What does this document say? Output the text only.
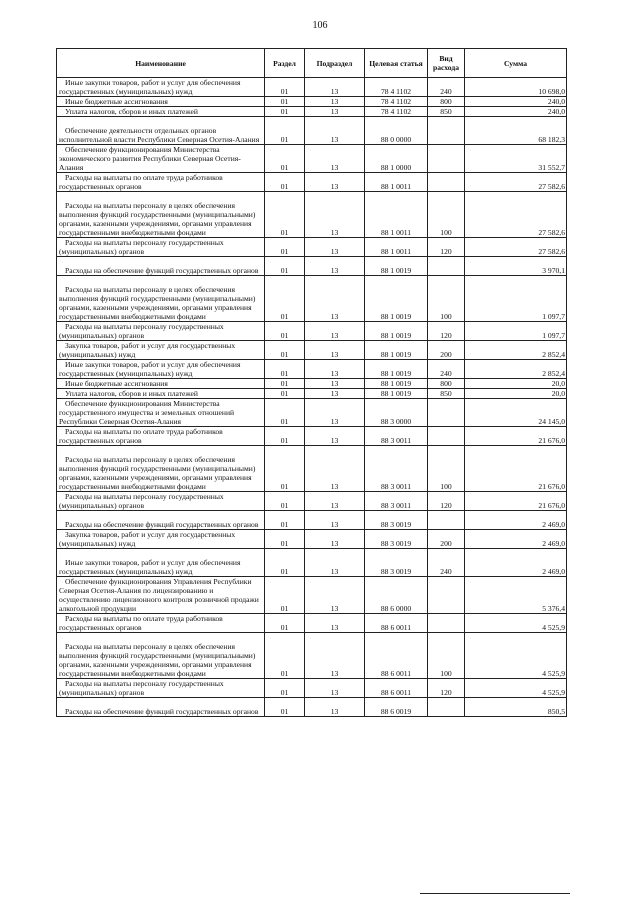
106
Наименование	Раздел	Подраздел	Целевая статья	Вид расхода	Сумма
Иные закупки товаров, работ и услуг для обеспечения государственных (муниципальных) нужд	01	13	78 4 1102	240	10 698,0
Иные бюджетные ассигнования	01	13	78 4 1102	800	240,0
Уплата налогов, сборов и иных платежей	01	13	78 4 1102	850	240,0
Обеспечение деятельности отдельных органов исполнительной власти Республики Северная Осетия-Алания	01	13	88 0 0000		68 182,3
Обеспечение функционирования Министерства экономического развития Республики Северная Осетия-Алания	01	13	88 1 0000		31 552,7
Расходы на выплаты по оплате труда работников государственных органов	01	13	88 1 0011		27 582,6
Расходы на выплаты персоналу в целях обеспечения выполнения функций государственными (муниципальными) органами, казенными учреждениями, органами управления государственными внебюджетными фондами	01	13	88 1 0011	100	27 582,6
Расходы на выплаты персоналу государственных (муниципальных) органов	01	13	88 1 0011	120	27 582,6
Расходы на обеспечение функций государственных органов	01	13	88 1 0019		3 970,1
Расходы на выплаты персоналу в целях обеспечения выполнения функций государственными (муниципальными) органами, казенными учреждениями, органами управления государственными внебюджетными фондами	01	13	88 1 0019	100	1 097,7
Расходы на выплаты персоналу государственных (муниципальных) органов	01	13	88 1 0019	120	1 097,7
Закупка товаров, работ и услуг для государственных (муниципальных) нужд	01	13	88 1 0019	200	2 852,4
Иные закупки товаров, работ и услуг для обеспечения государственных (муниципальных) нужд	01	13	88 1 0019	240	2 852,4
Иные бюджетные ассигнования	01	13	88 1 0019	800	20,0
Уплата налогов, сборов и иных платежей	01	13	88 1 0019	850	20,0
Обеспечение функционирования Министерства государственного имущества и земельных отношений Республики Северная Осетия-Алания	01	13	88 3 0000		24 145,0
Расходы на выплаты по оплате труда работников государственных органов	01	13	88 3 0011		21 676,0
Расходы на выплаты персоналу в целях обеспечения выполнения функций государственными (муниципальными) органами, казенными учреждениями, органами управления государственными внебюджетными фондами	01	13	88 3 0011	100	21 676,0
Расходы на выплаты персоналу государственных (муниципальных) органов	01	13	88 3 0011	120	21 676,0
Расходы на обеспечение функций государственных органов	01	13	88 3 0019		2 469,0
Закупка товаров, работ и услуг для государственных (муниципальных) нужд	01	13	88 3 0019	200	2 469,0
Иные закупки товаров, работ и услуг для обеспечения государственных (муниципальных) нужд	01	13	88 3 0019	240	2 469,0
Обеспечение функционирования Управления Республики Северная Осетия-Алания по лицензированию и осуществлению лицензионного контроля розничной продажи алкогольной продукции	01	13	88 6 0000		5 376,4
Расходы на выплаты по оплате труда работников государственных органов	01	13	88 6 0011		4 525,9
Расходы на выплаты персоналу в целях обеспечения выполнения функций государственными (муниципальными) органами, казенными учреждениями, органами управления государственными внебюджетными фондами	01	13	88 6 0011	100	4 525,9
Расходы на выплаты персоналу государственных (муниципальных) органов	01	13	88 6 0011	120	4 525,9
Расходы на обеспечение функций государственных органов	01	13	88 6 0019		850,5
